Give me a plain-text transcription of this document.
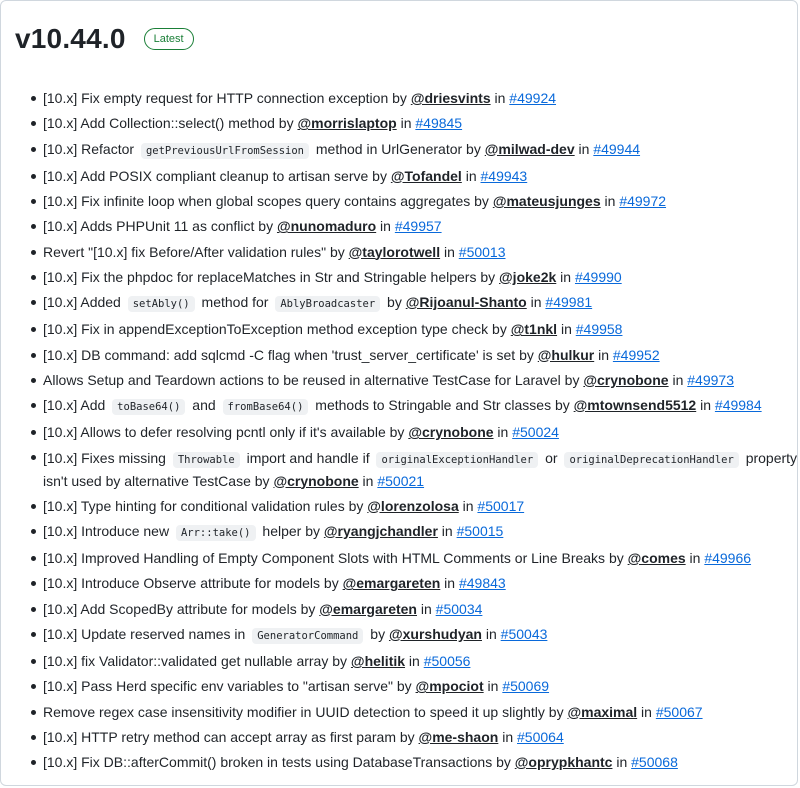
v10.44.0	Latest
[10.x] Fix empty request for HTTP connection exception by @driesvints in #49924
[10.x] Add Collection::select() method by @morrislaptop in #49845
[10.x] Refactor getPreviousUrlFromSession method in UrlGenerator by @milwad-dev in #49944
[10.x] Add POSIX compliant cleanup to artisan serve by @Tofandel in #49943
[10.x] Fix infinite loop when global scopes query contains aggregates by @mateusjunges in #49972
[10.x] Adds PHPUnit 11 as conflict by @nunomaduro in #49957
Revert "[10.x] fix Before/After validation rules" by @taylorotwell in #50013
[10.x] Fix the phpdoc for replaceMatches in Str and Stringable helpers by @joke2k in #49990
[10.x] Added setAbly() method for AblyBroadcaster by @Rijoanul-Shanto in #49981
[10.x] Fix in appendExceptionToException method exception type check by @t1nkl in #49958
[10.x] DB command: add sqlcmd -C flag when 'trust_server_certificate' is set by @hulkur in #49952
Allows Setup and Teardown actions to be reused in alternative TestCase for Laravel by @crynobone in #49973
[10.x] Add toBase64() and fromBase64() methods to Stringable and Str classes by @mtownsend5512 in #49984
[10.x] Allows to defer resolving pcntl only if it's available by @crynobone in #50024
[10.x] Fixes missing Throwable import and handle if originalExceptionHandler or originalDeprecationHandler property isn't used by alternative TestCase by @crynobone in #50021
[10.x] Type hinting for conditional validation rules by @lorenzolosa in #50017
[10.x] Introduce new Arr::take() helper by @ryangjchandler in #50015
[10.x] Improved Handling of Empty Component Slots with HTML Comments or Line Breaks by @comes in #49966
[10.x] Introduce Observe attribute for models by @emargareten in #49843
[10.x] Add ScopedBy attribute for models by @emargareten in #50034
[10.x] Update reserved names in GeneratorCommand by @xurshudyan in #50043
[10.x] fix Validator::validated get nullable array by @helitik in #50056
[10.x] Pass Herd specific env variables to "artisan serve" by @mpociot in #50069
Remove regex case insensitivity modifier in UUID detection to speed it up slightly by @maximal in #50067
[10.x] HTTP retry method can accept array as first param by @me-shaon in #50064
[10.x] Fix DB::afterCommit() broken in tests using DatabaseTransactions by @oprypkhantc in #50068
